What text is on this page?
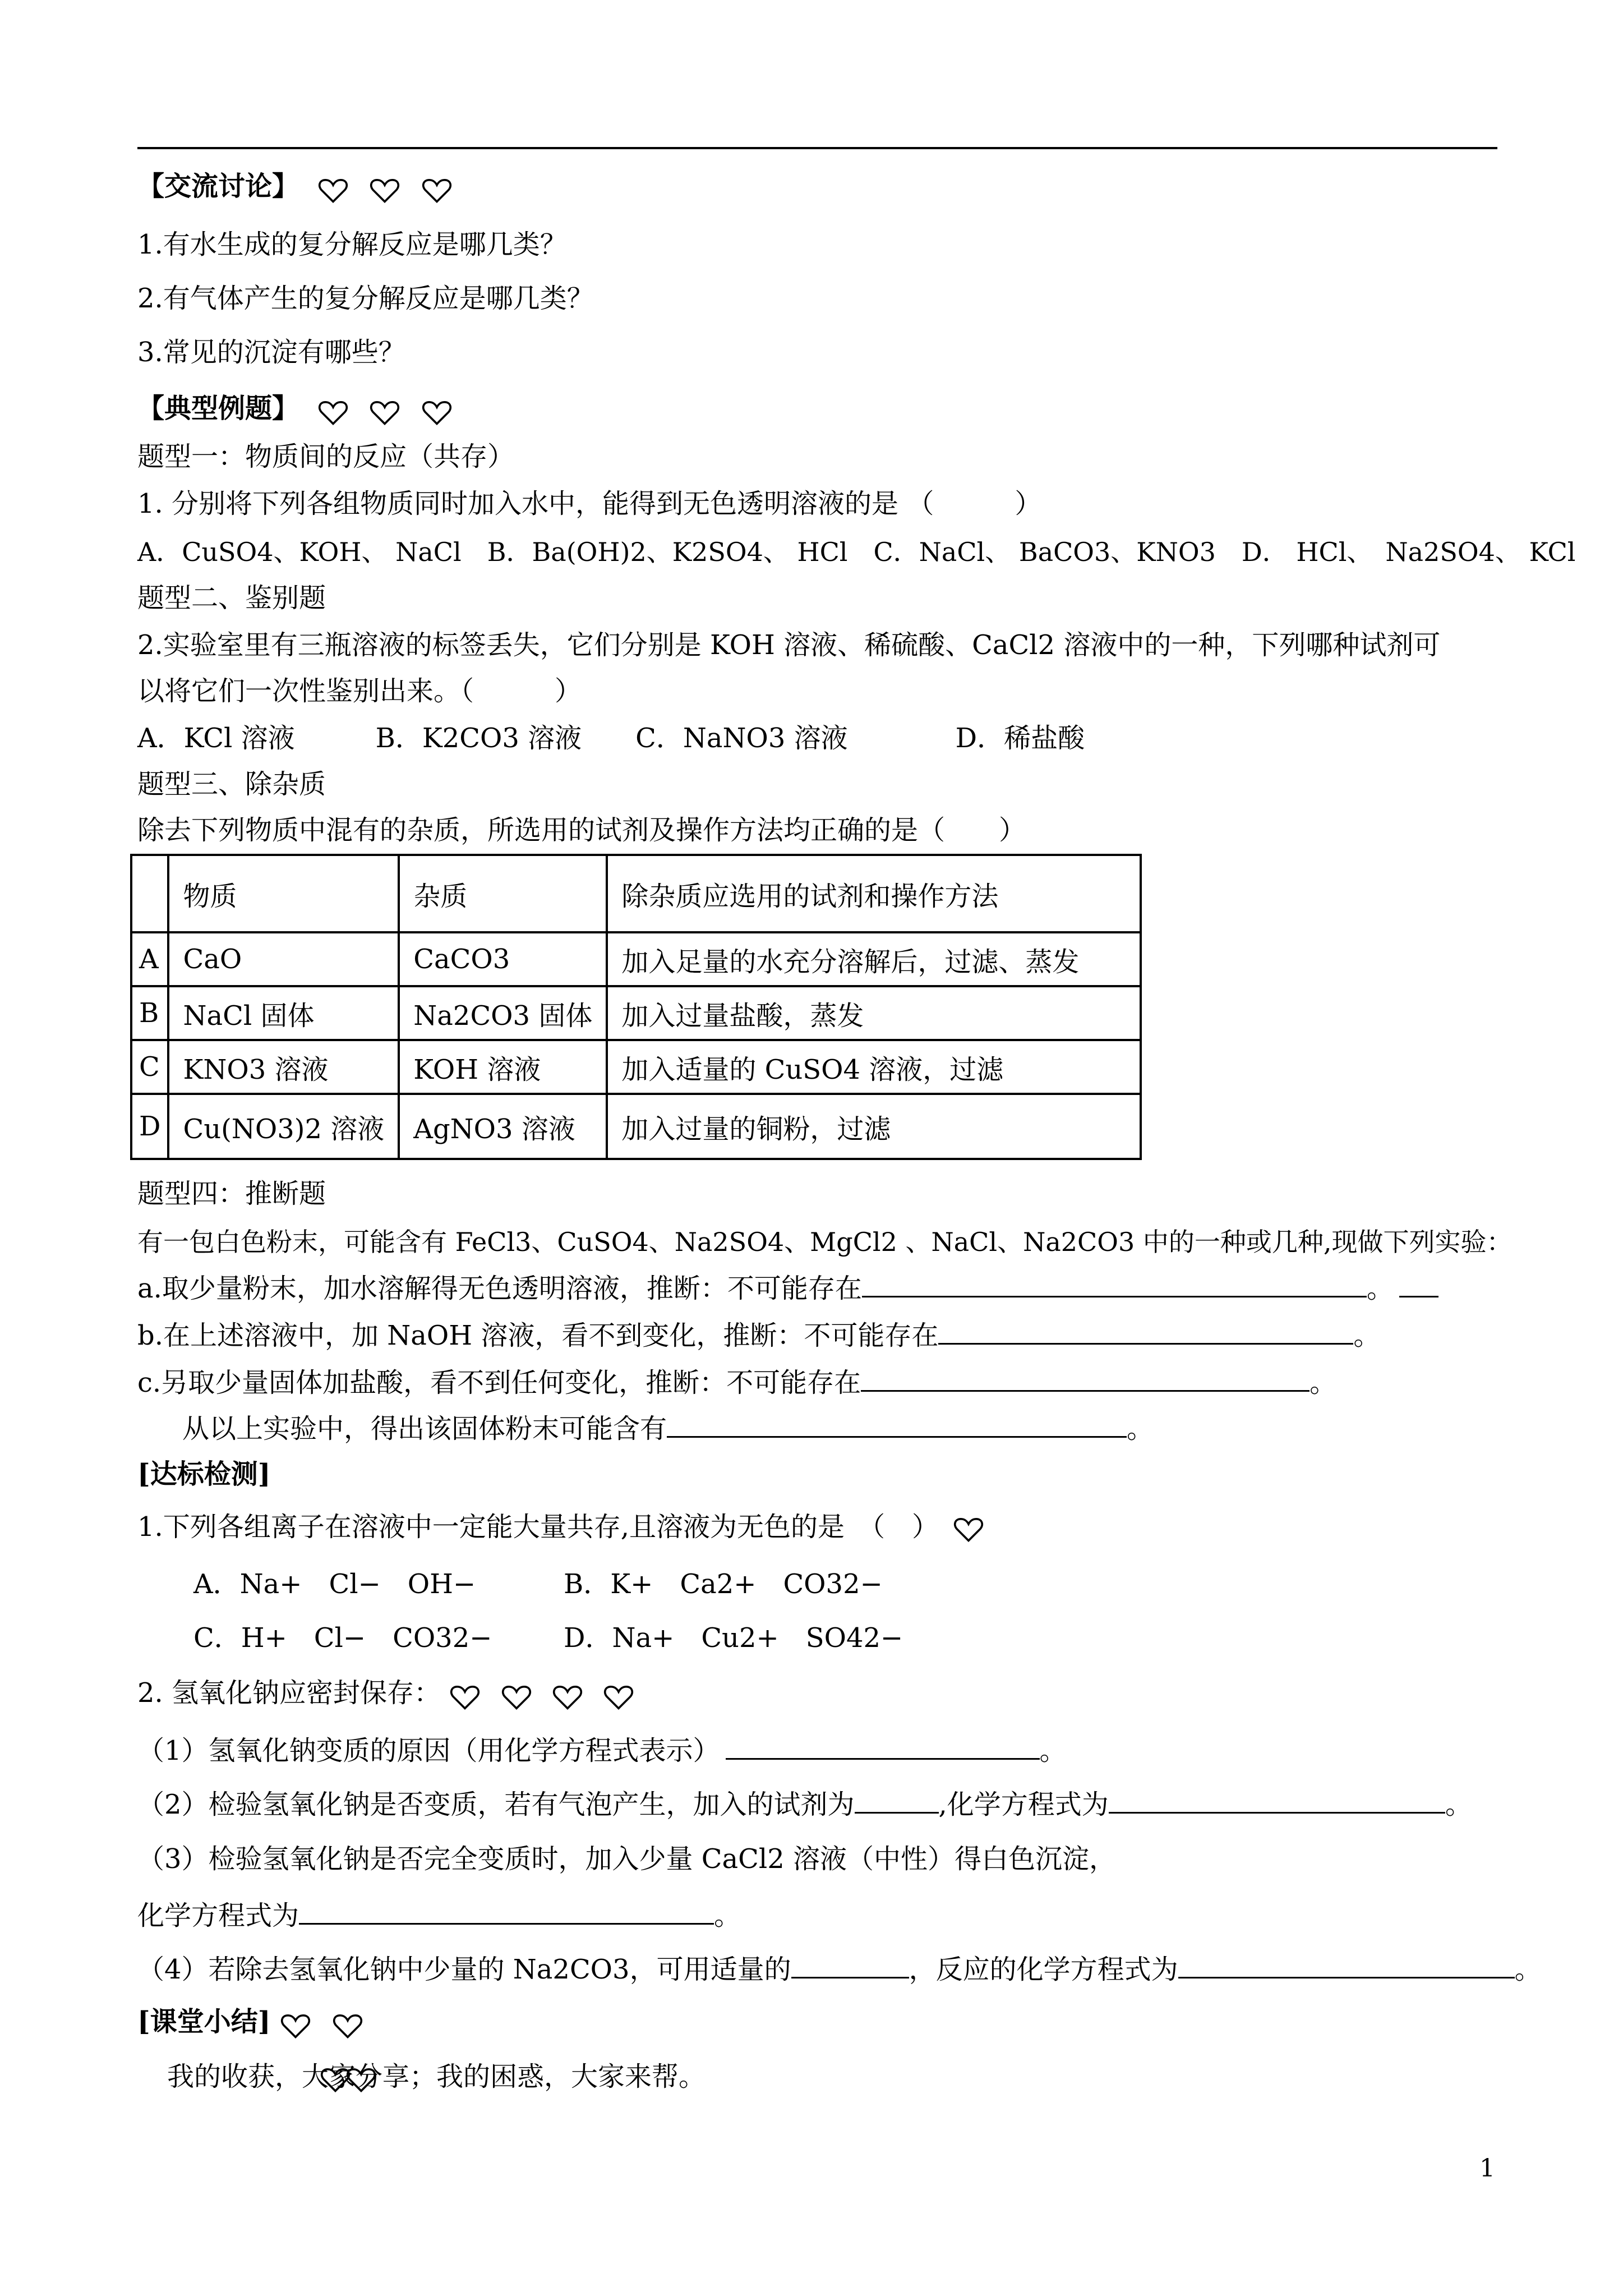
【交流讨论】
1.有水生成的复分解反应是哪几类？
2.有气体产生的复分解反应是哪几类？
3.常见的沉淀有哪些？
【典型例题】
题型一：物质间的反应（共存）
1. 分别将下列各组物质同时加入水中，能得到无色透明溶液的是 （　　　）
A．CuSO4、KOH、 NaCl　B．Ba(OH)2、K2SO4、 HCl　C．NaCl、 BaCO3、KNO3　D． HCl、　Na2SO4、 KCl
题型二、鉴别题
2.实验室里有三瓶溶液的标签丢失，它们分别是 KOH 溶液、稀硫酸、CaCl2 溶液中的一种，下列哪种试剂可
以将它们一次性鉴别出来。（　　　）
A．KCl 溶液　　　B．K2CO3 溶液　　C．NaNO3 溶液　　　　D．稀盐酸
题型三、除杂质
除去下列物质中混有的杂质，所选用的试剂及操作方法均正确的是（　　）
	物质	杂质	除杂质应选用的试剂和操作方法
A	CaO	CaCO3	加入足量的水充分溶解后，过滤、蒸发
B	NaCl 固体	Na2CO3 固体	加入过量盐酸，蒸发
C	KNO3 溶液	KOH 溶液	加入适量的 CuSO4 溶液，过滤
D	Cu(NO3)2 溶液	AgNO3 溶液	加入过量的铜粉，过滤
题型四：推断题
有一包白色粉末，可能含有 FeCl3、CuSO4、Na2SO4、MgCl2 、NaCl、Na2CO3 中的一种或几种,现做下列实验：
a.取少量粉末，加水溶解得无色透明溶液，推断：不可能存在	。
b.在上述溶液中，加 NaOH 溶液，看不到变化，推断：不可能存在	。
c.另取少量固体加盐酸，看不到任何变化，推断：不可能存在	。
从以上实验中，得出该固体粉末可能含有	。
[达标检测]
1.下列各组离子在溶液中一定能大量共存,且溶液为无色的是　（　）
A．Na+　Cl−　OH−	B．K+　Ca2+　CO32−
C．H+　Cl−　CO32−	D．Na+　Cu2+　SO42−
2. 氢氧化钠应密封保存：
（1）氢氧化钠变质的原因（用化学方程式表示）	。
（2）检验氢氧化钠是否变质，若有气泡产生，加入的试剂为	,化学方程式为	。
（3）检验氢氧化钠是否完全变质时，加入少量 CaCl2 溶液（中性）得白色沉淀，
化学方程式为	。
（4）若除去氢氧化钠中少量的 Na2CO3，可用适量的	，反应的化学方程式为	。
[课堂小结]
我的收获，大家分享；我的困惑，大家来帮。
1
